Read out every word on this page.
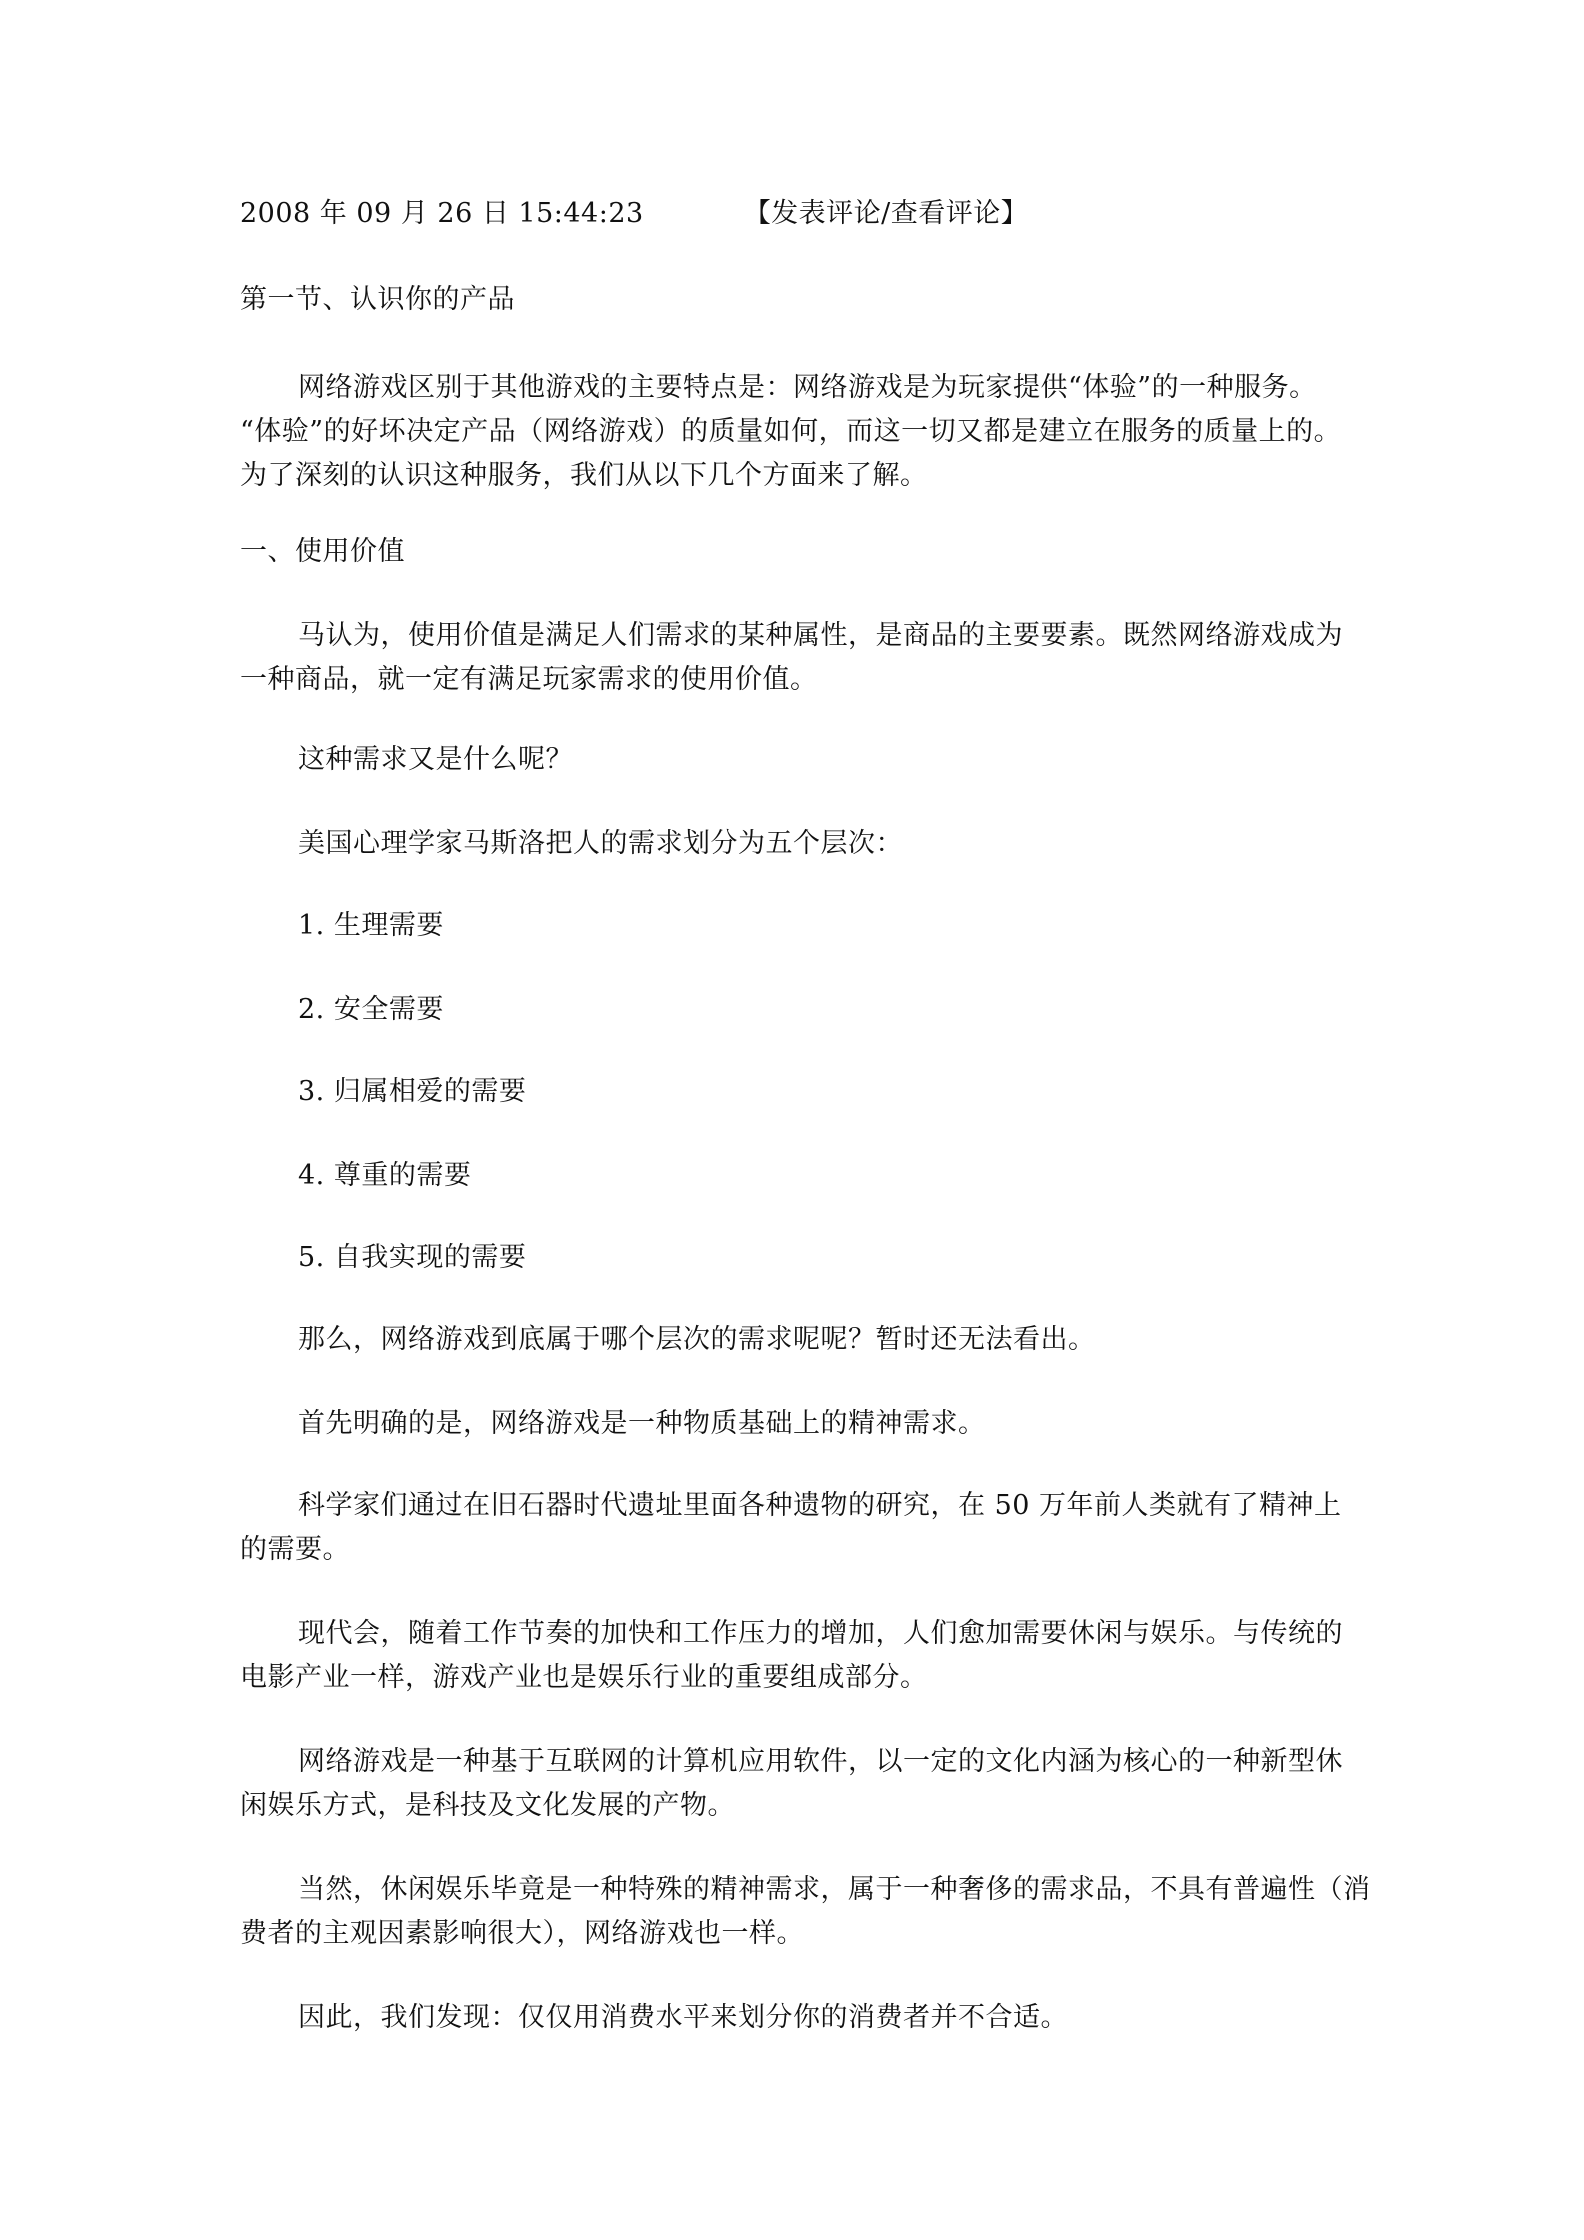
2008 年 09 月 26 日 15:44:23	【发表评论/查看评论】
第一节、认识你的产品
网络游戏区别于其他游戏的主要特点是：网络游戏是为玩家提供“体验”的一种服务。
“体验”的好坏决定产品（网络游戏）的质量如何，而这一切又都是建立在服务的质量上的。
为了深刻的认识这种服务，我们从以下几个方面来了解。
一、使用价值
马认为，使用价值是满足人们需求的某种属性，是商品的主要要素。既然网络游戏成为
一种商品，就一定有满足玩家需求的使用价值。
这种需求又是什么呢？
美国心理学家马斯洛把人的需求划分为五个层次：
1. 生理需要
2. 安全需要
3. 归属相爱的需要
4. 尊重的需要
5. 自我实现的需要
那么，网络游戏到底属于哪个层次的需求呢呢？暂时还无法看出。
首先明确的是，网络游戏是一种物质基础上的精神需求。
科学家们通过在旧石器时代遗址里面各种遗物的研究，在 50 万年前人类就有了精神上
的需要。
现代会，随着工作节奏的加快和工作压力的增加，人们愈加需要休闲与娱乐。与传统的
电影产业一样，游戏产业也是娱乐行业的重要组成部分。
网络游戏是一种基于互联网的计算机应用软件，以一定的文化内涵为核心的一种新型休
闲娱乐方式，是科技及文化发展的产物。
当然，休闲娱乐毕竟是一种特殊的精神需求，属于一种奢侈的需求品，不具有普遍性（消
费者的主观因素影响很大），网络游戏也一样。
因此，我们发现：仅仅用消费水平来划分你的消费者并不合适。
